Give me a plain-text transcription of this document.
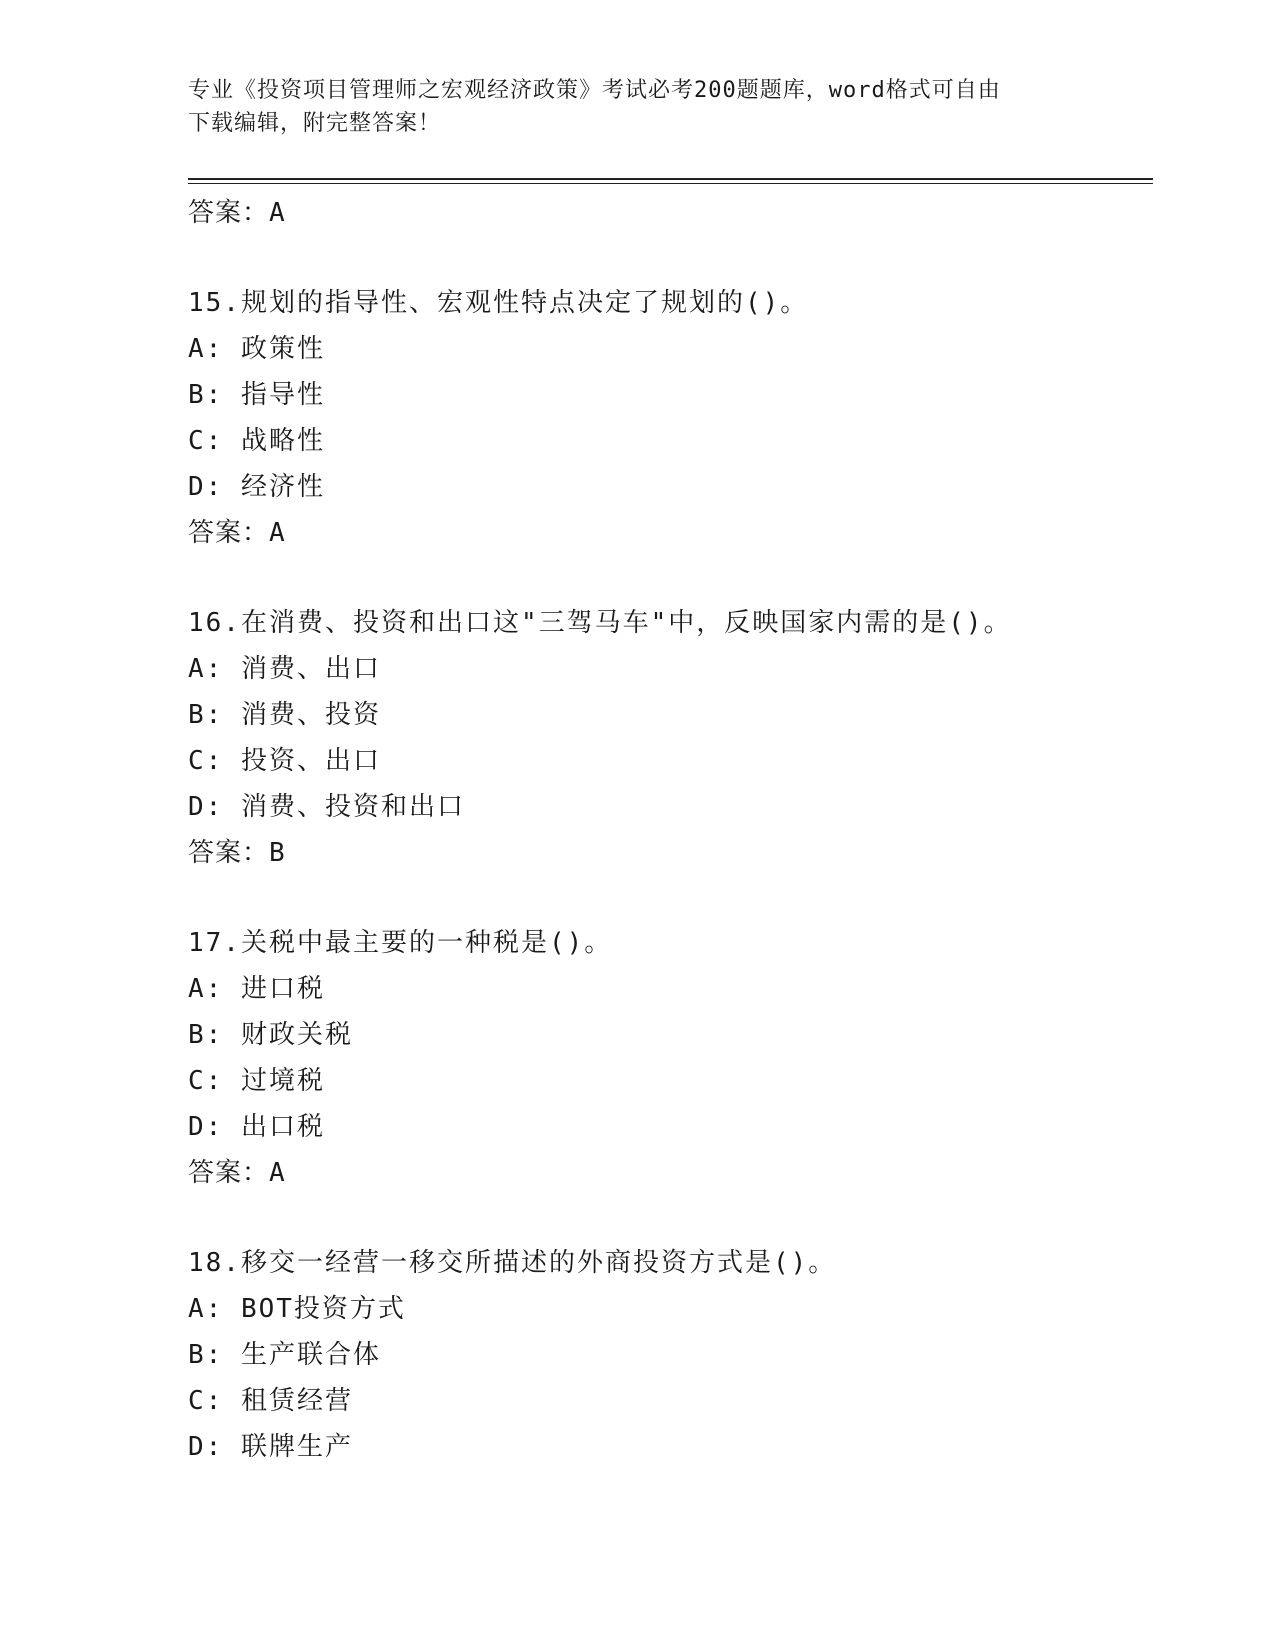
专业《投资项目管理师之宏观经济政策》考试必考200题题库，word格式可自由
下载编辑，附完整答案！
答案：A
15.规划的指导性、宏观性特点决定了规划的()。
A: 政策性
B: 指导性
C: 战略性
D: 经济性
答案：A
16.在消费、投资和出口这"三驾马车"中，反映国家内需的是()。
A: 消费、出口
B: 消费、投资
C: 投资、出口
D: 消费、投资和出口
答案：B
17.关税中最主要的一种税是()。
A: 进口税
B: 财政关税
C: 过境税
D: 出口税
答案：A
18.移交一经营一移交所描述的外商投资方式是()。
A: BOT投资方式
B: 生产联合体
C: 租赁经营
D: 联牌生产
